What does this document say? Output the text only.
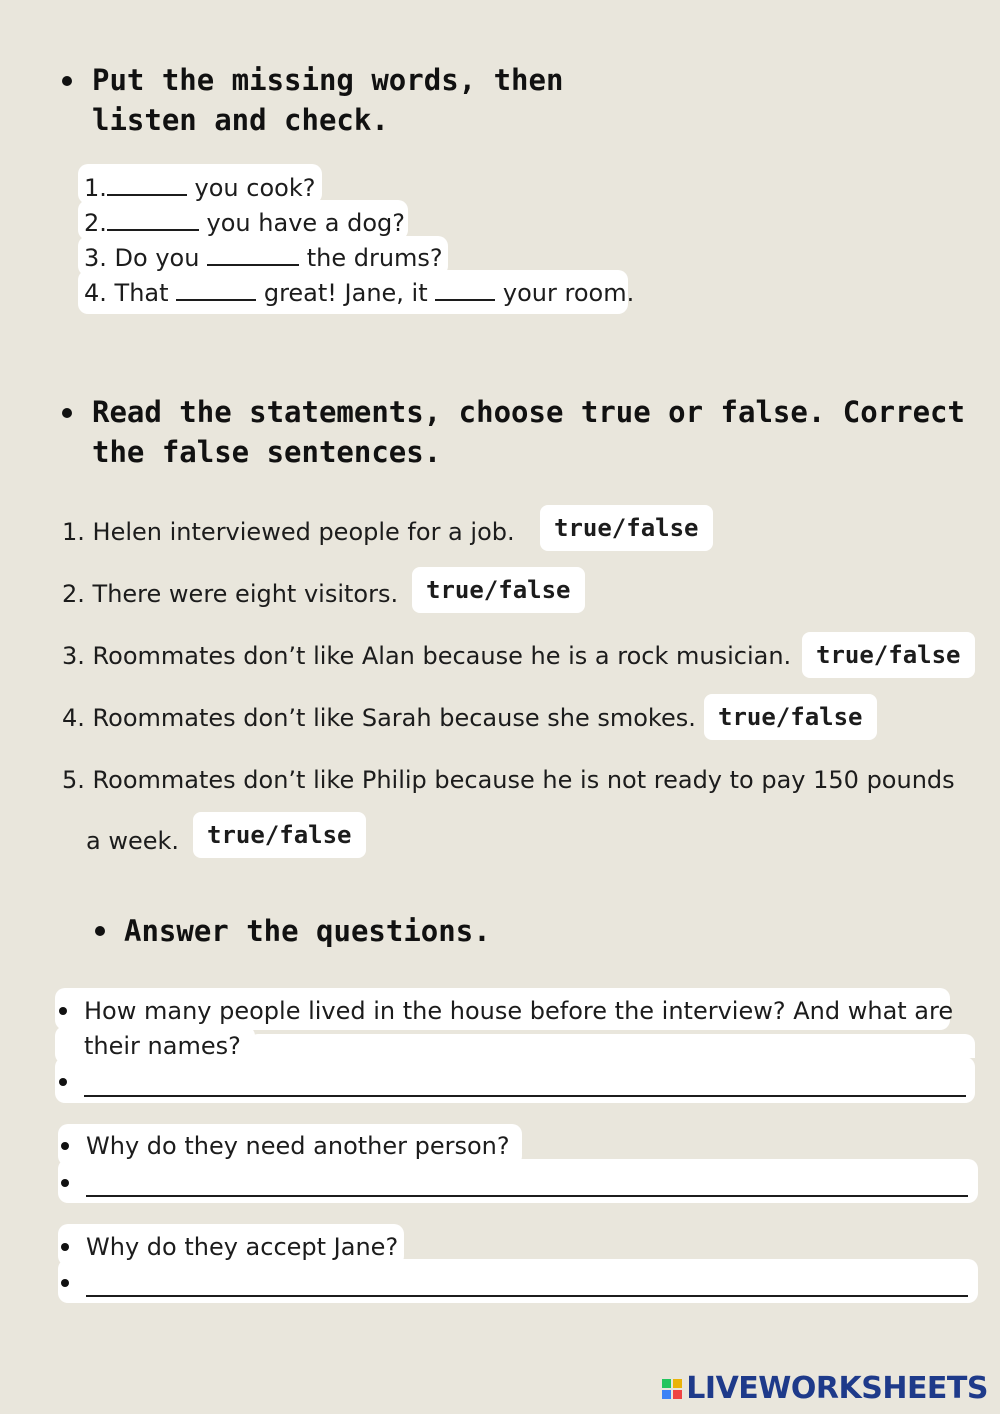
Put the missing words, then
listen and check.
1.	you cook?
2.	you have a dog?
3. Do you	the drums?
4. That	great! Jane, it	your room.
Read the statements, choose true or false. Correct
the false sentences.
1. Helen interviewed people for a job.	true/false
2. There were eight visitors.	true/false
3. Roommates don’t like Alan because he is a rock musician.	true/false
4. Roommates don’t like Sarah because she smokes. true/false
5. Roommates don’t like Philip because he is not ready to pay 150 pounds
a week.	true/false
Answer the questions.
How many people lived in the house before the interview? And what are
their names?
Why do they need another person?
Why do they accept Jane?
LIVEWORKSHEETS
